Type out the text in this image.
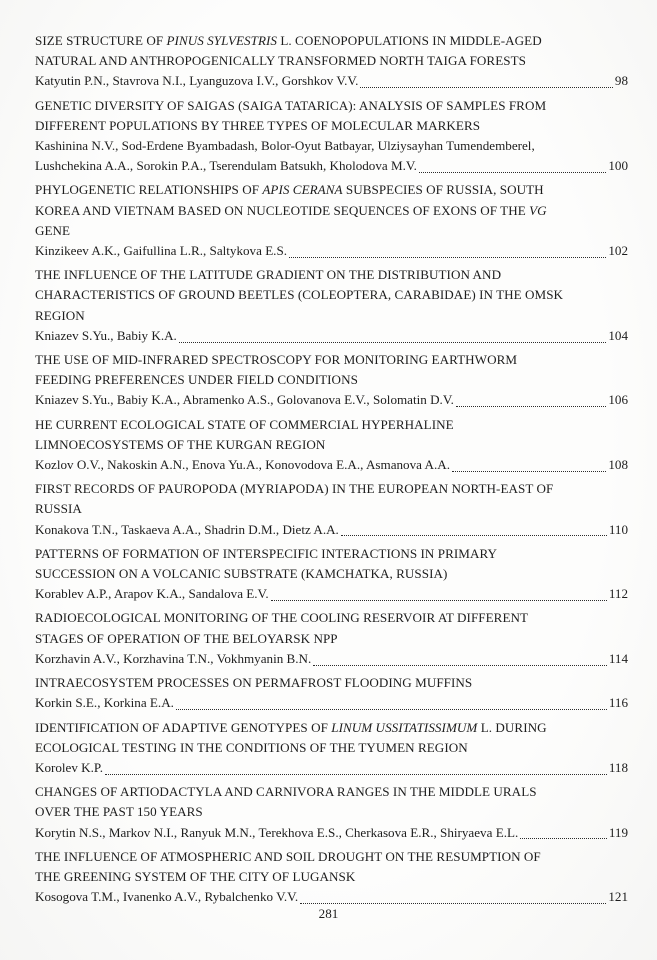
SIZE STRUCTURE OF PINUS SYLVESTRIS L. COENOPOPULATIONS IN MIDDLE-AGED
NATURAL AND ANTHROPOGENICALLY TRANSFORMED NORTH TAIGA FORESTS
Katyutin P.N., Stavrova N.I., Lyanguzova I.V., Gorshkov V.V.	98
GENETIC DIVERSITY OF SAIGAS (SAIGA TATARICA): ANALYSIS OF SAMPLES FROM
DIFFERENT POPULATIONS BY THREE TYPES OF MOLECULAR MARKERS
Kashinina N.V., Sod-Erdene Byambadash, Bolor-Oyut Batbayar, Ulziysayhan Tumendemberel,
Lushchekina A.A., Sorokin P.A., Tserendulam Batsukh, Kholodova M.V.	100
PHYLOGENETIC RELATIONSHIPS OF APIS CERANA SUBSPECIES OF RUSSIA, SOUTH
KOREA AND VIETNAM BASED ON NUCLEOTIDE SEQUENCES OF EXONS OF THE VG
GENE
Kinzikeev A.K., Gaifullina L.R., Saltykova E.S.	102
THE INFLUENCE OF THE LATITUDE GRADIENT ON THE DISTRIBUTION AND
CHARACTERISTICS OF GROUND BEETLES (COLEOPTERA, CARABIDAE) IN THE OMSK
REGION
Kniazev S.Yu., Babiy K.A.	104
THE USE OF MID-INFRARED SPECTROSCOPY FOR MONITORING EARTHWORM
FEEDING PREFERENCES UNDER FIELD CONDITIONS
Kniazev S.Yu., Babiy K.A., Abramenko A.S., Golovanova E.V., Solomatin D.V.	106
HE CURRENT ECOLOGICAL STATE OF COMMERCIAL HYPERHALINE
LIMNOECOSYSTEMS OF THE KURGAN REGION
Kozlov O.V., Nakoskin A.N., Enova Yu.A., Konovodova E.A., Asmanova A.A.	108
FIRST RECORDS OF PAUROPODA (MYRIAPODA) IN THE EUROPEAN NORTH-EAST OF
RUSSIA
Konakova T.N., Taskaeva A.A., Shadrin D.M., Dietz A.A.	110
PATTERNS OF FORMATION OF INTERSPECIFIC INTERACTIONS IN PRIMARY
SUCCESSION ON A VOLCANIC SUBSTRATE (KAMCHATKA, RUSSIA)
Korablev A.P., Arapov K.A., Sandalova E.V.	112
RADIOECOLOGICAL MONITORING OF THE COOLING RESERVOIR AT DIFFERENT
STAGES OF OPERATION OF THE BELOYARSK NPP
Korzhavin A.V., Korzhavina T.N., Vokhmyanin B.N.	114
INTRAECOSYSTEM PROCESSES ON PERMAFROST FLOODING MUFFINS
Korkin S.E., Korkina E.A.	116
IDENTIFICATION OF ADAPTIVE GENOTYPES OF LINUM USSITATISSIMUM L. DURING
ECOLOGICAL TESTING IN THE CONDITIONS OF THE TYUMEN REGION
Korolev K.P.	118
CHANGES OF ARTIODACTYLA AND CARNIVORA RANGES IN THE MIDDLE URALS
OVER THE PAST 150 YEARS
Korytin N.S., Markov N.I., Ranyuk M.N., Terekhova E.S., Cherkasova E.R., Shiryaeva E.L.	119
THE INFLUENCE OF ATMOSPHERIC AND SOIL DROUGHT ON THE RESUMPTION OF
THE GREENING SYSTEM OF THE CITY OF LUGANSK
Kosogova T.M., Ivanenko A.V., Rybalchenko V.V.	121
281
